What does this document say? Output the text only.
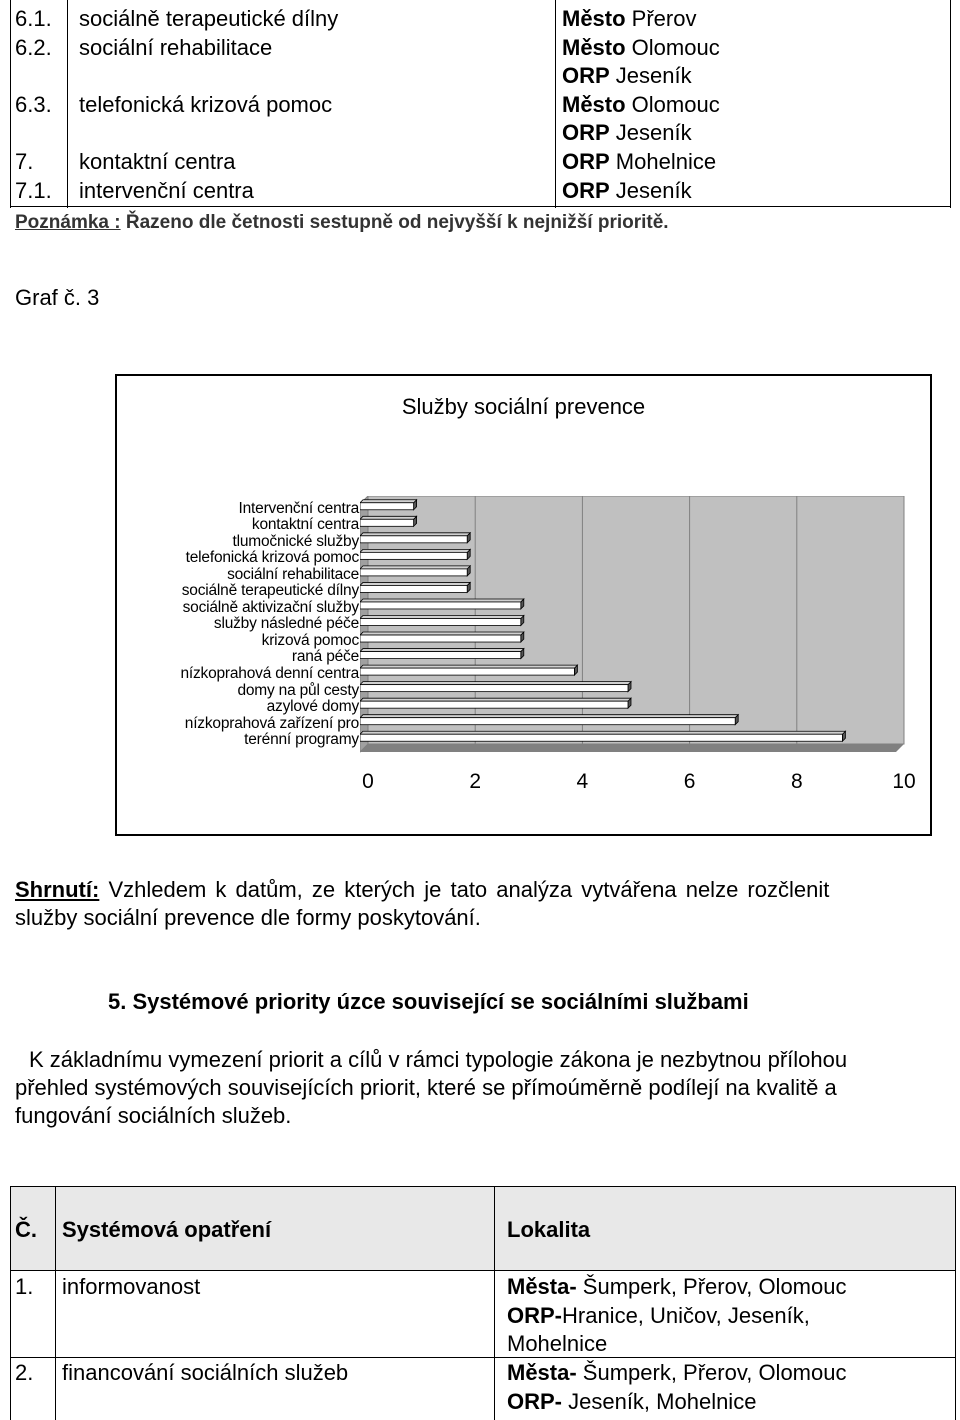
6.1. sociálně terapeutické dílny	Město Přerov
6.2. sociální rehabilitace	Město Olomouc
ORP Jeseník
6.3. telefonická krizová pomoc	Město Olomouc
ORP Jeseník
7. kontaktní centra	ORP Mohelnice
7.1. intervenční centra	ORP Jeseník
Poznámka : Řazeno dle četnosti sestupně od nejvyšší k nejnižší prioritě.
Graf č. 3
Služby sociální prevence
Intervenční centra
kontaktní centra
tlumočnické služby
telefonická krizová pomoc
sociální rehabilitace
sociálně terapeutické dílny
sociálně aktivizační služby
služby následné péče
krizová pomoc
raná péče
nízkoprahová denní centra
domy na půl cesty
azylové domy
nízkoprahová zařízení pro
terénní programy
0	2	4	6	8	10
Shrnutí: Vzhledem k datům, ze kterých je tato analýza vytvářena nelze rozčlenit
služby sociální prevence dle formy poskytování.
5. Systémové priority úzce související se sociálními službami
K základnímu vymezení priorit a cílů v rámci typologie zákona je nezbytnou přílohou
přehled systémových souvisejících priorit, které se přímoúměrně podílejí na kvalitě a
fungování sociálních služeb.
Č. Systémová opatření	Lokalita
1. informovanost	Města- Šumperk, Přerov, Olomouc
ORP-Hranice, Uničov, Jeseník,
Mohelnice
2. financování sociálních služeb	Města- Šumperk, Přerov, Olomouc
ORP- Jeseník, Mohelnice
